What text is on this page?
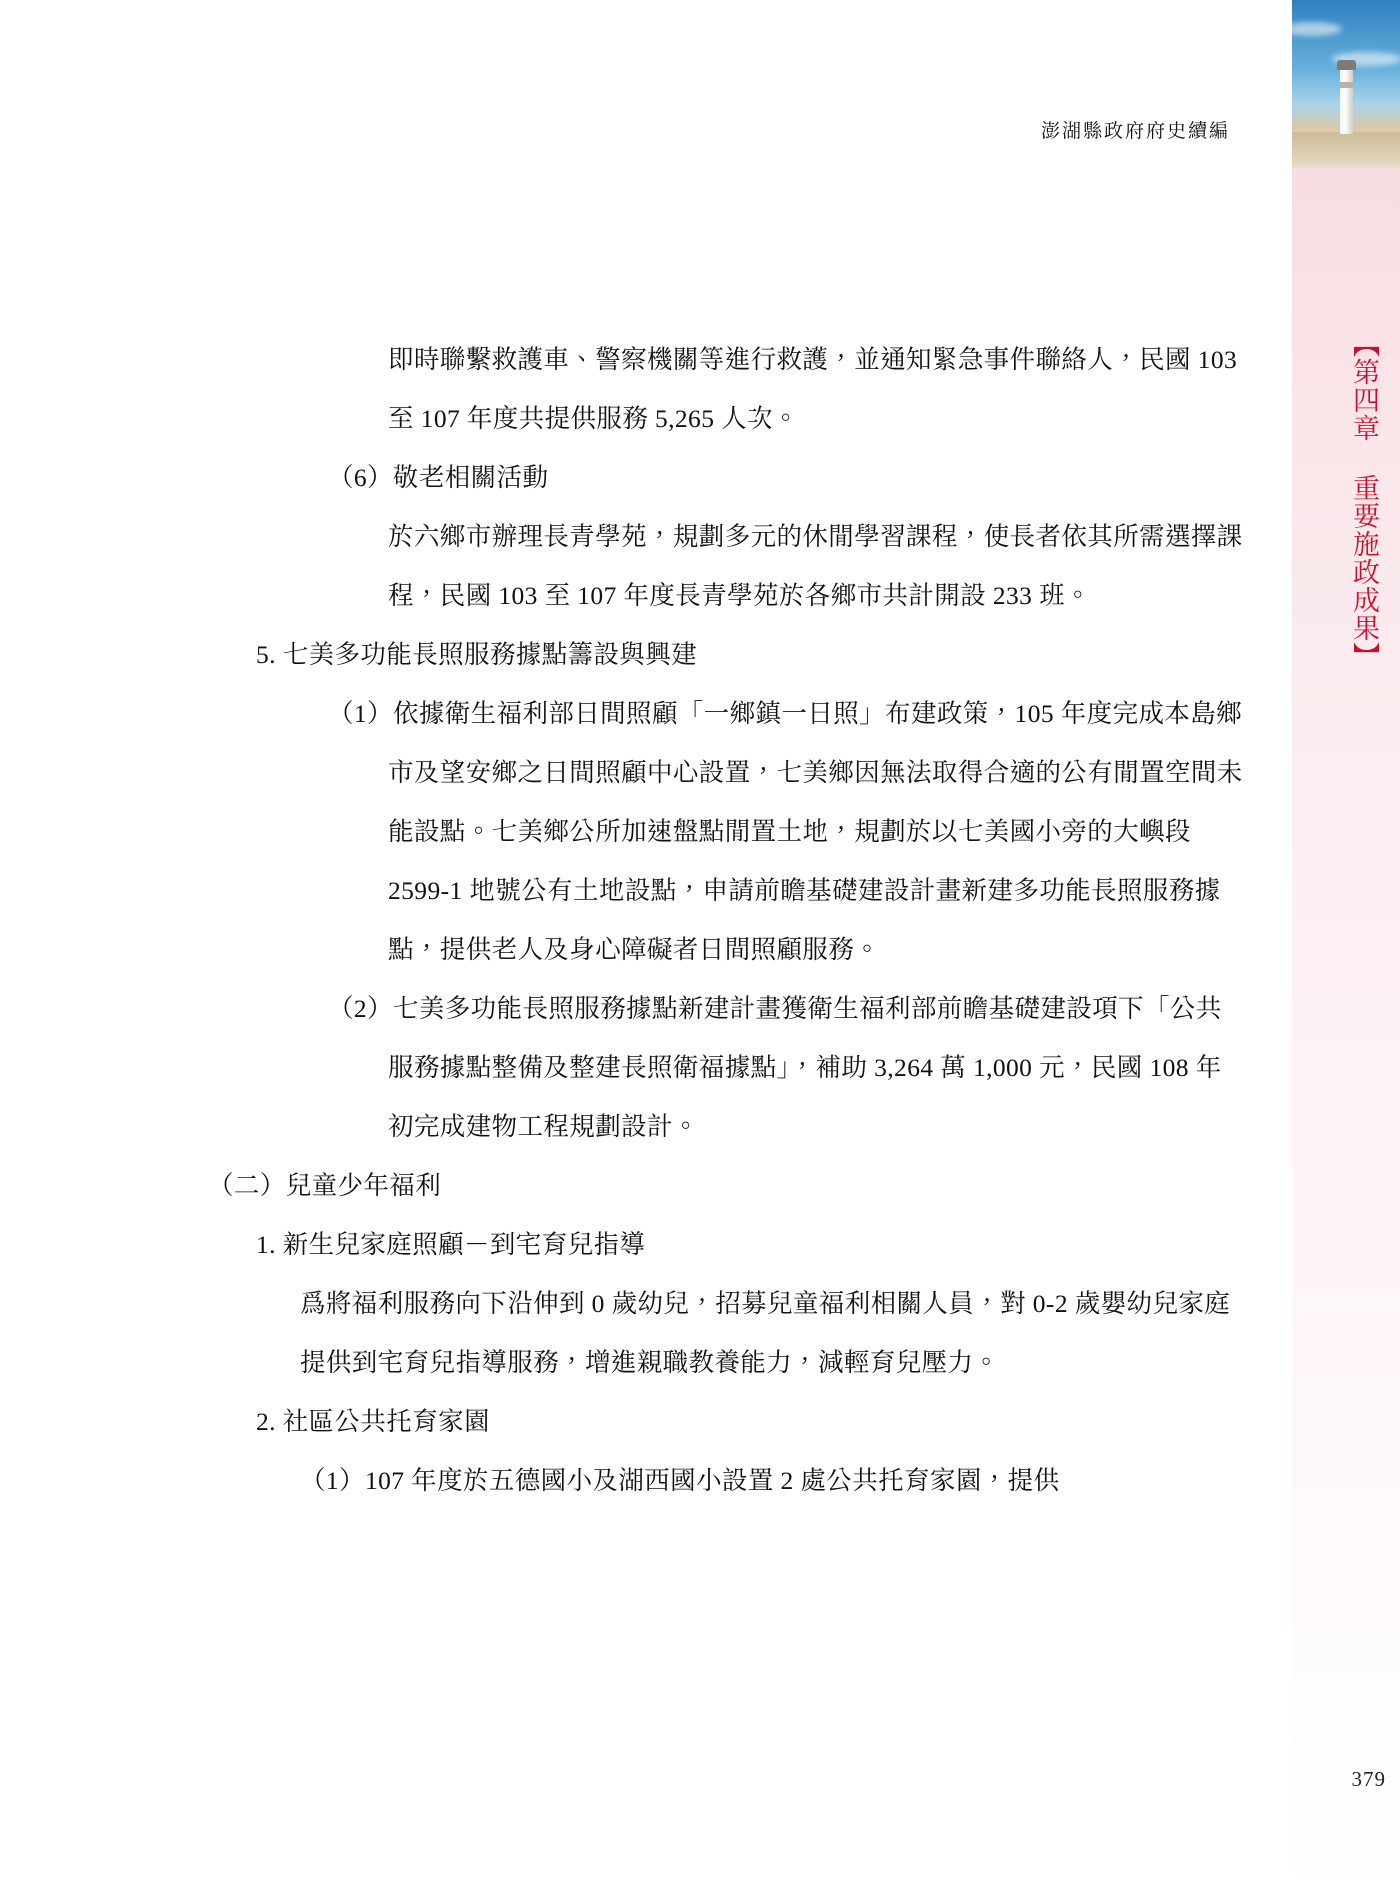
【第四章 重要施政成果】
379
澎湖縣政府府史續編

即時聯繫救護車、警察機關等進行救護，並通知緊急事件聯絡人，民國 103 至 107 年度共提供服務 5,265 人次。

（6）敬老相關活動

於六鄉市辦理長青學苑，規劃多元的休閒學習課程，使長者依其所需選擇課程，民國 103 至 107 年度長青學苑於各鄉市共計開設 233 班。

5. 七美多功能長照服務據點籌設與興建

（1）依據衛生福利部日間照顧「一鄉鎮一日照」布建政策，105 年度完成本島鄉市及望安鄉之日間照顧中心設置，七美鄉因無法取得合適的公有閒置空間未能設點。七美鄉公所加速盤點閒置土地，規劃於以七美國小旁的大嶼段 2599-1 地號公有土地設點，申請前瞻基礎建設計畫新建多功能長照服務據點，提供老人及身心障礙者日間照顧服務。

（2）七美多功能長照服務據點新建計畫獲衛生福利部前瞻基礎建設項下「公共服務據點整備及整建長照衛福據點」，補助 3,264 萬 1,000 元，民國 108 年初完成建物工程規劃設計。

（二）兒童少年福利

1. 新生兒家庭照顧－到宅育兒指導

爲將福利服務向下沿伸到 0 歲幼兒，招募兒童福利相關人員，對 0-2 歲嬰幼兒家庭提供到宅育兒指導服務，增進親職教養能力，減輕育兒壓力。

2. 社區公共托育家園

（1）107 年度於五德國小及湖西國小設置 2 處公共托育家園，提供
